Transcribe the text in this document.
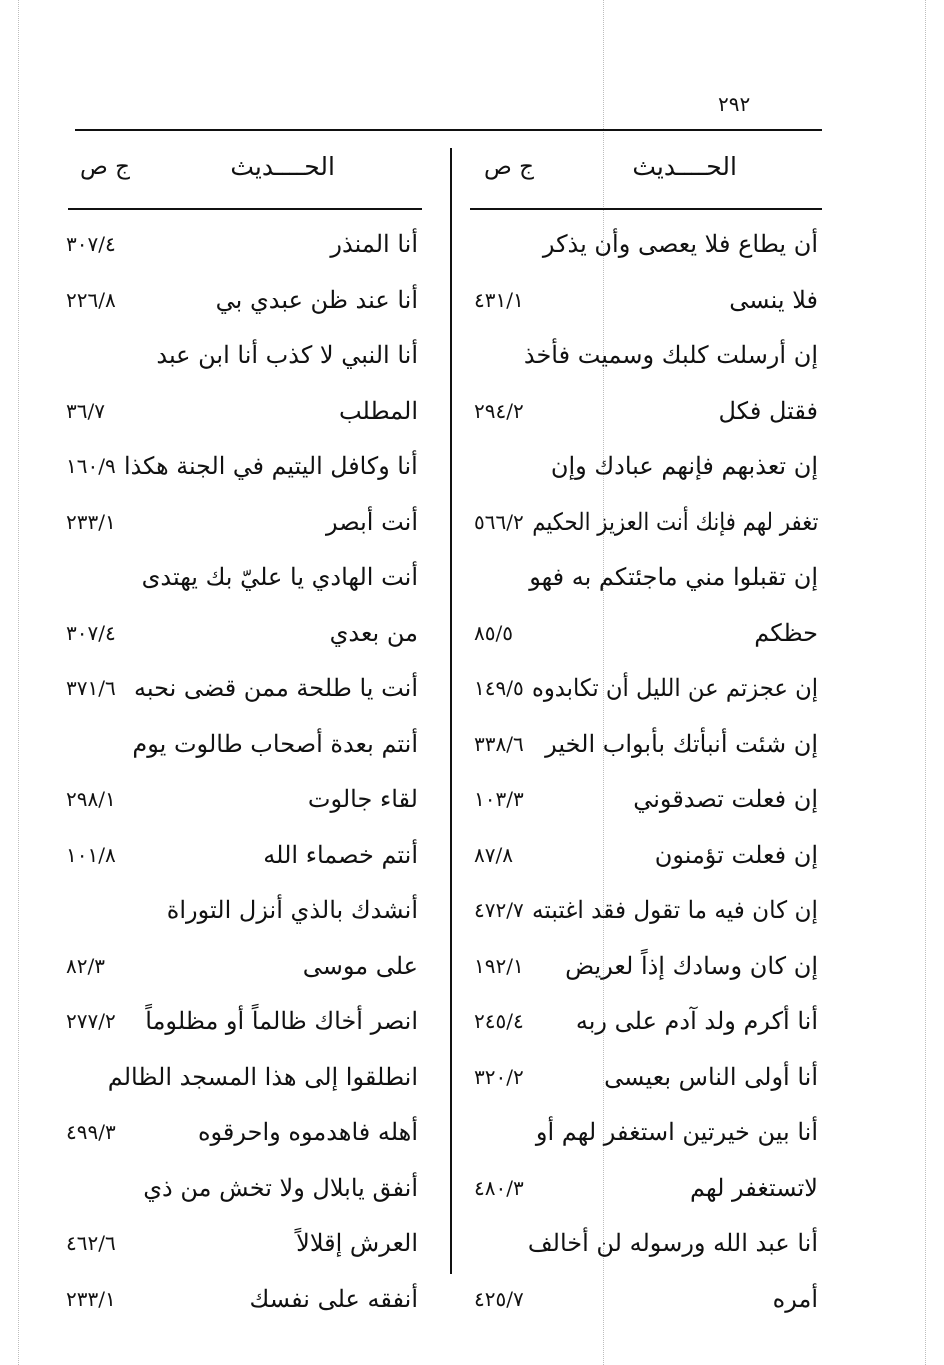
٢٩٢
الحــــديث
ج ص
أن يطاع فلا يعصى وأن يذكر
فلا ينسى
٤٣١/١
إن أرسلت كلبك وسميت فأخذ
فقتل فكل
٢٩٤/٢
إن تعذبهم فإنهم عبادك وإن
تغفر لهم فإنك أنت العزيز الحكيم
٥٦٦/٢
إن تقبلوا مني ماجئتكم به فهو
حظكم
٨٥/٥
إن عجزتم عن الليل أن تكابدوه
١٤٩/٥
إن شئت أنبأتك بأبواب الخير
٣٣٨/٦
إن فعلت تصدقوني
١٠٣/٣
إن فعلت تؤمنون
٨٧/٨
إن كان فيه ما تقول فقد اغتبته
٤٧٢/٧
إن كان وسادك إذاً لعريض
١٩٢/١
أنا أكرم ولد آدم على ربه
٢٤٥/٤
أنا أولى الناس بعيسى
٣٢٠/٢
أنا بين خيرتين استغفر لهم أو
لاتستغفر لهم
٤٨٠/٣
أنا عبد الله ورسوله لن أخالف
أمره
٤٢٥/٧
الحــــديث
ج ص
أنا المنذر
٣٠٧/٤
أنا عند ظن عبدي بي
٢٢٦/٨
أنا النبي لا كذب أنا ابن عبد
المطلب
٣٦/٧
أنا وكافل اليتيم في الجنة هكذا
١٦٠/٩
أنت أبصر
٢٣٣/١
أنت الهادي يا عليّ بك يهتدى
من بعدي
٣٠٧/٤
أنت يا طلحة ممن قضى نحبه
٣٧١/٦
أنتم بعدة أصحاب طالوت يوم
لقاء جالوت
٢٩٨/١
أنتم خصماء الله
١٠١/٨
أنشدك بالذي أنزل التوراة
على موسى
٨٢/٣
انصر أخاك ظالماً أو مظلوماً
٢٧٧/٢
انطلقوا إلى هذا المسجد الظالم
أهله فاهدموه واحرقوه
٤٩٩/٣
أنفق يابلال ولا تخش من ذي
العرش إقلالاً
٤٦٢/٦
أنفقه على نفسك
٢٣٣/١
